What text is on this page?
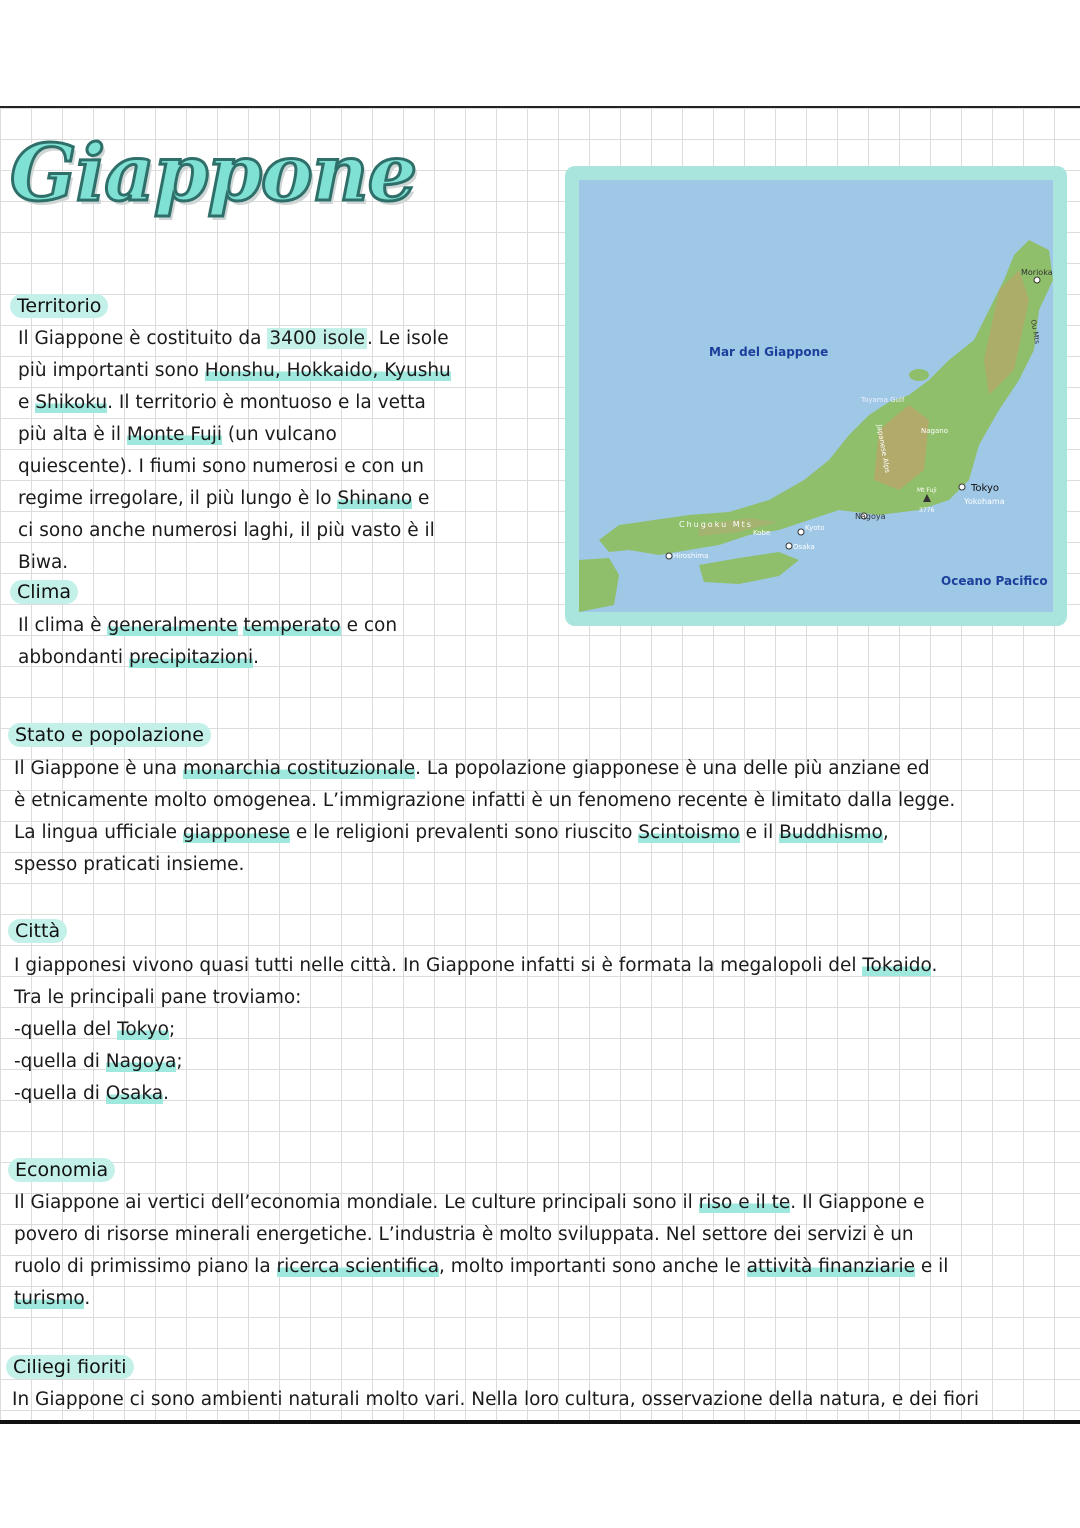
Giappone
Territorio
Il Giappone è costituito da 3400 isole . Le isole
più importanti sono Honshu, Hokkaido, Kyushu
e Shikoku. Il territorio è montuoso e la vetta
più alta è il Monte Fuji (un vulcano
quiescente). I fiumi sono numerosi e con un
regime irregolare, il più lungo è lo Shinano e
ci sono anche numerosi laghi, il più vasto è il
Biwa.
Clima
Il clima è generalmente temperato e con
abbondanti precipitazioni.
Mar del Giappone
Oceano Pacifico
Morioka
Tokyo
Yokohama
Nagoya
Kyoto
Osaka
Kobe
Hiroshima
Nagano
Toyama Gulf
Chugoku Mts
Japanese Alps
Ou Mts
Mt Fuji
3776
Stato e popolazione
Il Giappone è una monarchia costituzionale. La popolazione giapponese è una delle più anziane ed
è etnicamente molto omogenea. L’immigrazione infatti è un fenomeno recente è limitato dalla legge.
La lingua ufficiale giapponese e le religioni prevalenti sono riuscito Scintoismo e il Buddhismo,
spesso praticati insieme.
Città
I giapponesi vivono quasi tutti nelle città. In Giappone infatti si è formata la megalopoli del Tokaido.
Tra le principali pane troviamo:
-quella del Tokyo;
-quella di Nagoya;
-quella di Osaka.
Economia
Il Giappone ai vertici dell’economia mondiale. Le culture principali sono il riso e il te. Il Giappone e
povero di risorse minerali energetiche. L’industria è molto sviluppata. Nel settore dei servizi è un
ruolo di primissimo piano la ricerca scientifica, molto importanti sono anche le attività finanziarie e il
turismo.
Ciliegi fioriti
In Giappone ci sono ambienti naturali molto vari. Nella loro cultura, osservazione della natura, e dei fiori
